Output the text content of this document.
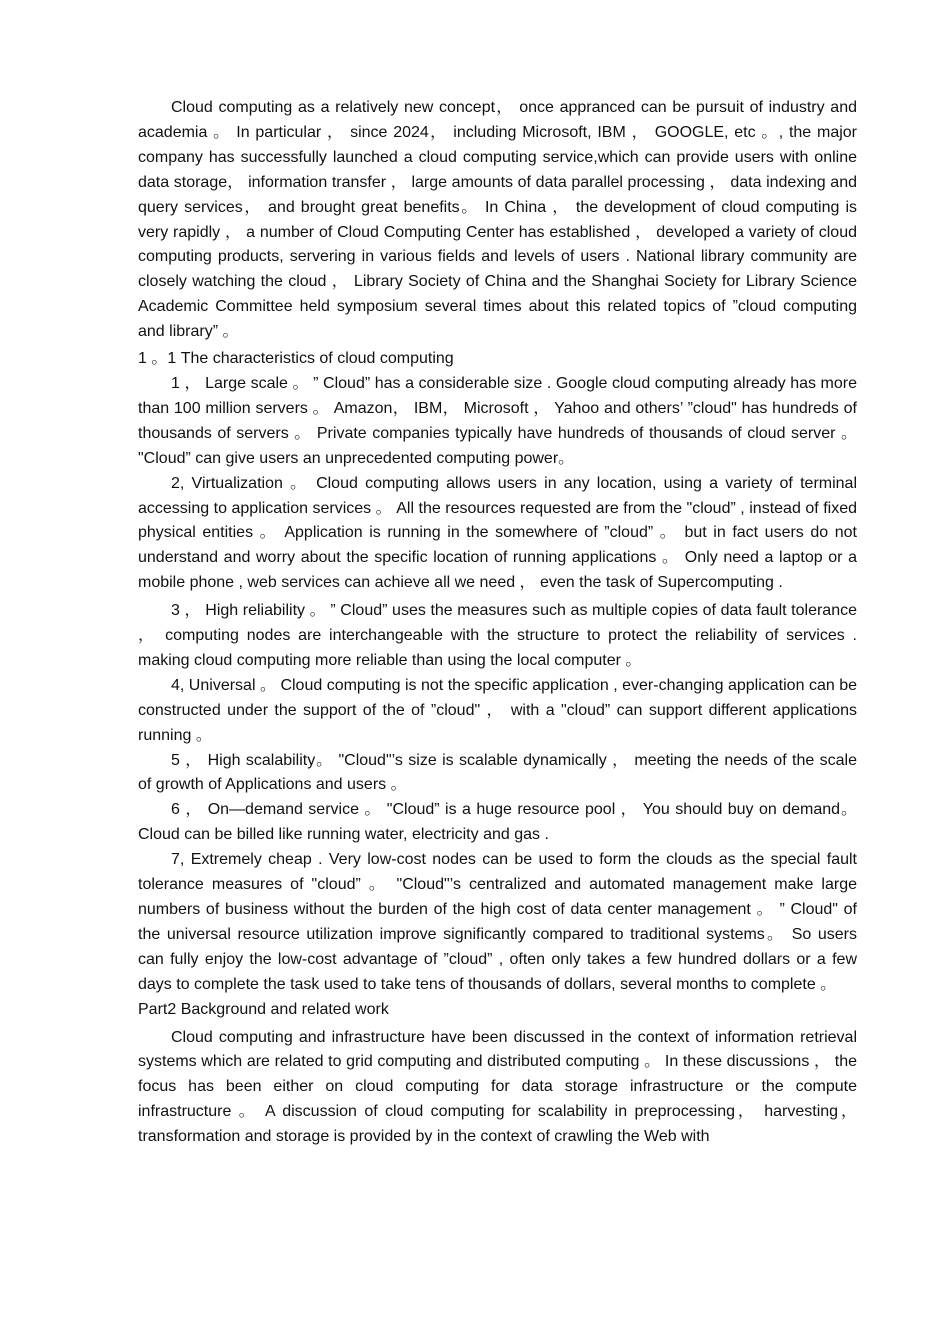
Cloud computing as a relatively new concept， once appranced can be pursuit of industry and academia 。 In particular ， since 2024， including Microsoft, IBM ， GOOGLE, etc 。, the major company has successfully launched a cloud computing service,which can provide users with online data storage， information transfer ， large amounts of data parallel processing ， data indexing and query services， and brought great benefits。 In China ， the development of cloud computing is very rapidly ， a number of Cloud Computing Center has established ， developed a variety of cloud computing products, servering in various fields and levels of users . National library community are closely watching the cloud ， Library Society of China and the Shanghai Society for Library Science Academic Committee held symposium several times about this related topics of ”cloud computing and library” 。

1 。1 The characteristics of cloud computing

1 ， Large scale 。 ” Cloud” has a considerable size . Google cloud computing already has more than 100 million servers 。 Amazon， IBM， Microsoft ， Yahoo and others’ ”cloud" has hundreds of thousands of servers 。 Private companies typically have hundreds of thousands of cloud server 。 "Cloud” can give users an unprecedented computing power。

2, Virtualization 。 Cloud computing allows users in any location, using a variety of terminal accessing to application services 。 All the resources requested are from the "cloud” , instead of fixed physical entities 。 Application is running in the somewhere of ”cloud” 。 but in fact users do not understand and worry about the specific location of running applications 。 Only need a laptop or a mobile phone , web services can achieve all we need ， even the task of Supercomputing .

3 ， High reliability 。 ” Cloud” uses the measures such as multiple copies of data fault tolerance ， computing nodes are interchangeable with the structure to protect the reliability of services . making cloud computing more reliable than using the local computer 。

4, Universal 。 Cloud computing is not the specific application , ever-changing application can be constructed under the support of the of ”cloud" ， with a "cloud” can support different applications running 。

5 ， High scalability。 "Cloud"’s size is scalable dynamically ， meeting the needs of the scale of growth of Applications and users 。

6 ， On—demand service 。 "Cloud” is a huge resource pool ， You should buy on demand。 Cloud can be billed like running water, electricity and gas .

7, Extremely cheap . Very low-cost nodes can be used to form the clouds as the special fault tolerance measures of "cloud” 。 "Cloud"’s centralized and automated management make large numbers of business without the burden of the high cost of data center management 。 ” Cloud" of the universal resource utilization improve significantly compared to traditional systems。 So users can fully enjoy the low-cost advantage of ”cloud” , often only takes a few hundred dollars or a few days to complete the task used to take tens of thousands of dollars, several months to complete 。

Part2 Background and related work

Cloud computing and infrastructure have been discussed in the context of information retrieval systems which are related to grid computing and distributed computing 。 In these discussions ， the focus has been either on cloud computing for data storage infrastructure or the compute infrastructure 。 A discussion of cloud computing for scalability in preprocessing， harvesting， transformation and storage is provided by in the context of crawling the Web with
